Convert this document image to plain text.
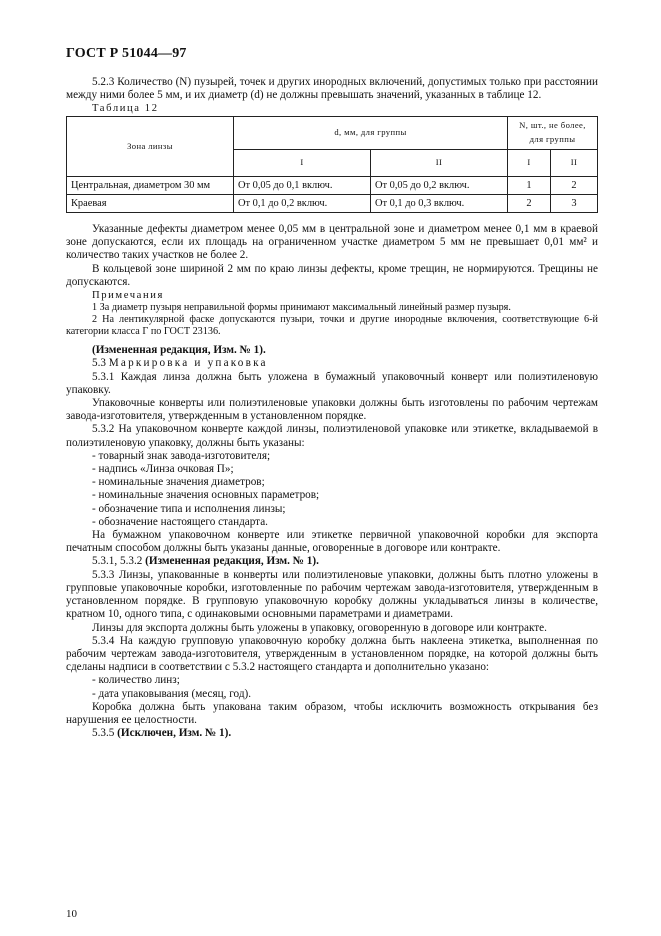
ГОСТ Р 51044—97

5.2.3 Количество (N) пузырей, точек и других инородных включений, допустимых только при расстоянии между ними более 5 мм, и их диаметр (d) не должны превышать значений, указанных в таблице 12.

Таблица 12

Зона линзы	d, мм, для группы		N, шт., не более, для группы	
	I	II	I	II
Центральная, диаметром 30 мм	От 0,05 до 0,1 включ.	От 0,05 до 0,2 включ.	1	2
Краевая	От 0,1 до 0,2 включ.	От 0,1 до 0,3 включ.	2	3

Указанные дефекты диаметром менее 0,05 мм в центральной зоне и диаметром менее 0,1 мм в краевой зоне допускаются, если их площадь на ограниченном участке диаметром 5 мм не превышает 0,01 мм² и количество таких участков не более 2.

В кольцевой зоне шириной 2 мм по краю линзы дефекты, кроме трещин, не нормируются. Трещины не допускаются.

Примечания

1 За диаметр пузыря неправильной формы принимают максимальный линейный размер пузыря.

2 На лентикулярной фаске допускаются пузыри, точки и другие инородные включения, соответствующие 6-й категории класса Г по ГОСТ 23136.

(Измененная редакция, Изм. № 1).

5.3 Маркировка и упаковка

5.3.1 Каждая линза должна быть уложена в бумажный упаковочный конверт или полиэтиленовую упаковку.

Упаковочные конверты или полиэтиленовые упаковки должны быть изготовлены по рабочим чертежам завода-изготовителя, утвержденным в установленном порядке.

5.3.2 На упаковочном конверте каждой линзы, полиэтиленовой упаковке или этикетке, вкладываемой в полиэтиленовую упаковку, должны быть указаны:

- товарный знак завода-изготовителя;

- надпись «Линза очковая П»;

- номинальные значения диаметров;

- номинальные значения основных параметров;

- обозначение типа и исполнения линзы;

- обозначение настоящего стандарта.

На бумажном упаковочном конверте или этикетке первичной упаковочной коробки для экспорта печатным способом должны быть указаны данные, оговоренные в договоре или контракте.

5.3.1, 5.3.2 (Измененная редакция, Изм. № 1).

5.3.3 Линзы, упакованные в конверты или полиэтиленовые упаковки, должны быть плотно уложены в групповые упаковочные коробки, изготовленные по рабочим чертежам завода-изготовителя, утвержденным в установленном порядке. В групповую упаковочную коробку должны укладываться линзы в количестве, кратном 10, одного типа, с одинаковыми основными параметрами и диаметрами.

Линзы для экспорта должны быть уложены в упаковку, оговоренную в договоре или контракте.

5.3.4 На каждую групповую упаковочную коробку должна быть наклеена этикетка, выполненная по рабочим чертежам завода-изготовителя, утвержденным в установленном порядке, на которой должны быть сделаны надписи в соответствии с 5.3.2 настоящего стандарта и дополнительно указано:

- количество линз;

- дата упаковывания (месяц, год).

Коробка должна быть упакована таким образом, чтобы исключить возможность открывания без нарушения ее целостности.

5.3.5 (Исключен, Изм. № 1).

10
